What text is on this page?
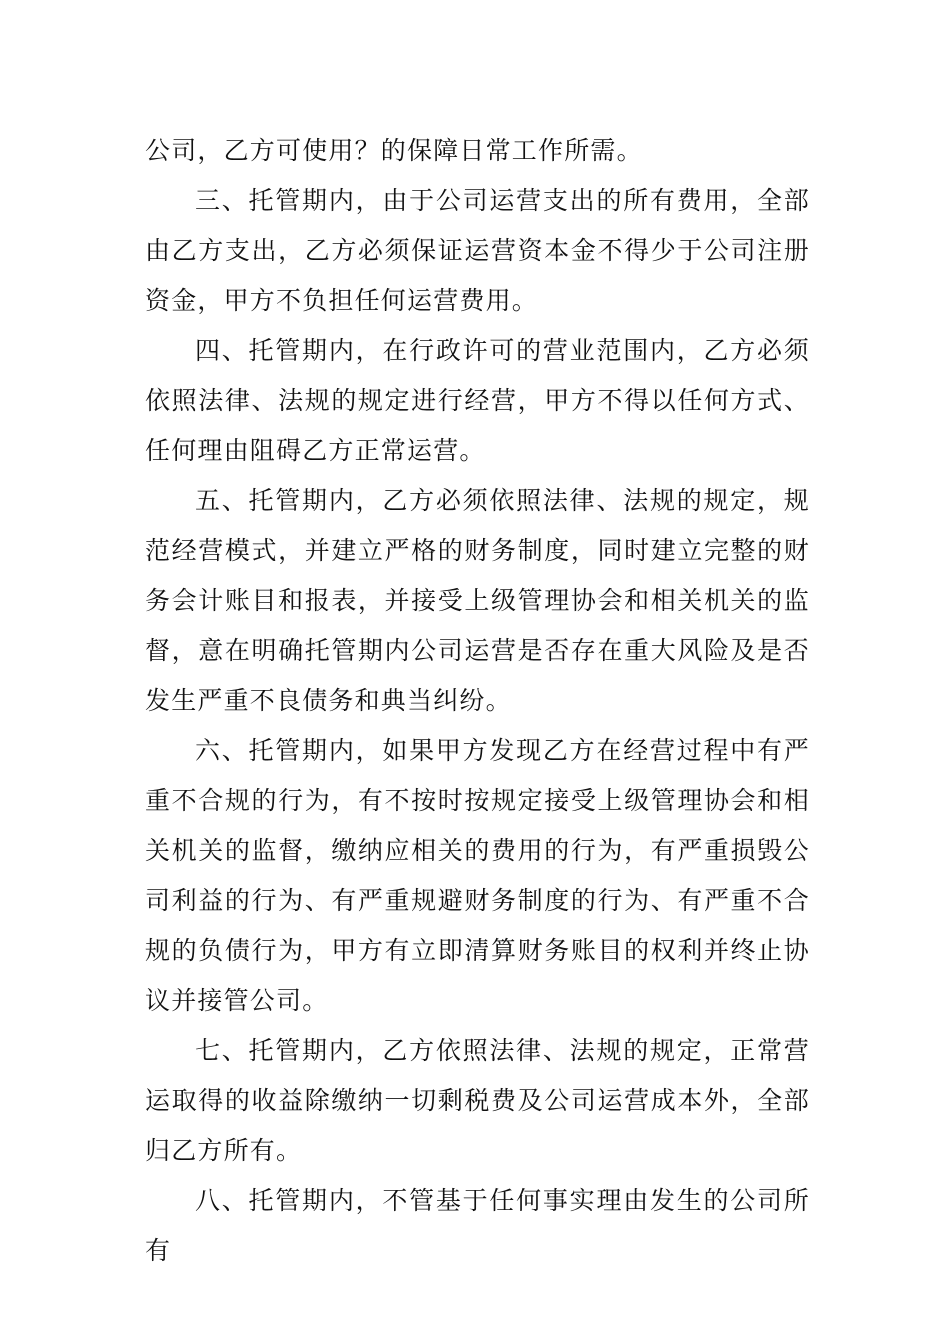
公司，乙方可使用？的保障日常工作所需。

三、托管期内，由于公司运营支出的所有费用，全部由乙方支出，乙方必须保证运营资本金不得少于公司注册资金，甲方不负担任何运营费用。

四、托管期内，在行政许可的营业范围内，乙方必须依照法律、法规的规定进行经营，甲方不得以任何方式、任何理由阻碍乙方正常运营。

五、托管期内，乙方必须依照法律、法规的规定，规范经营模式，并建立严格的财务制度，同时建立完整的财务会计账目和报表，并接受上级管理协会和相关机关的监督，意在明确托管期内公司运营是否存在重大风险及是否发生严重不良债务和典当纠纷。

六、托管期内，如果甲方发现乙方在经营过程中有严重不合规的行为，有不按时按规定接受上级管理协会和相关机关的监督，缴纳应相关的费用的行为，有严重损毁公司利益的行为、有严重规避财务制度的行为、有严重不合规的负债行为，甲方有立即清算财务账目的权利并终止协议并接管公司。

七、托管期内，乙方依照法律、法规的规定，正常营运取得的收益除缴纳一切剩税费及公司运营成本外，全部归乙方所有。

八、托管期内，不管基于任何事实理由发生的公司所有
